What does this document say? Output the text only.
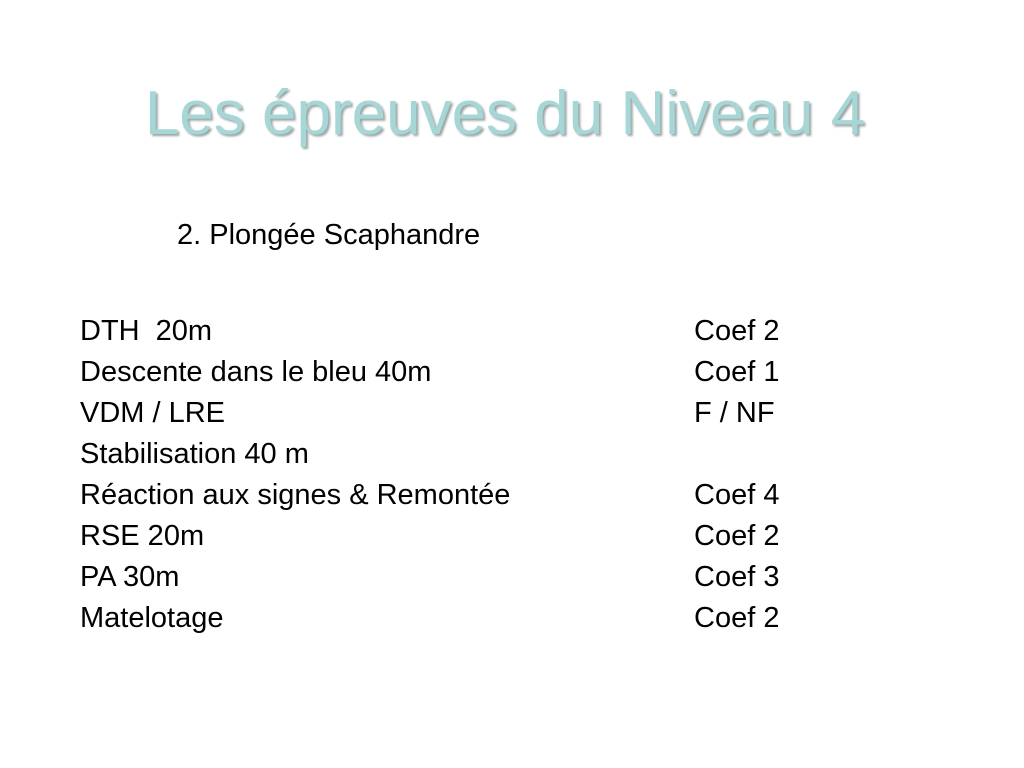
Les épreuves du Niveau 4
2. Plongée Scaphandre
DTH 20m	Coef 2
Descente dans le bleu 40m	Coef 1
VDM / LRE	F / NF
Stabilisation 40 m
Réaction aux signes & Remontée	Coef 4
RSE 20m	Coef 2
PA 30m	Coef 3
Matelotage	Coef 2
